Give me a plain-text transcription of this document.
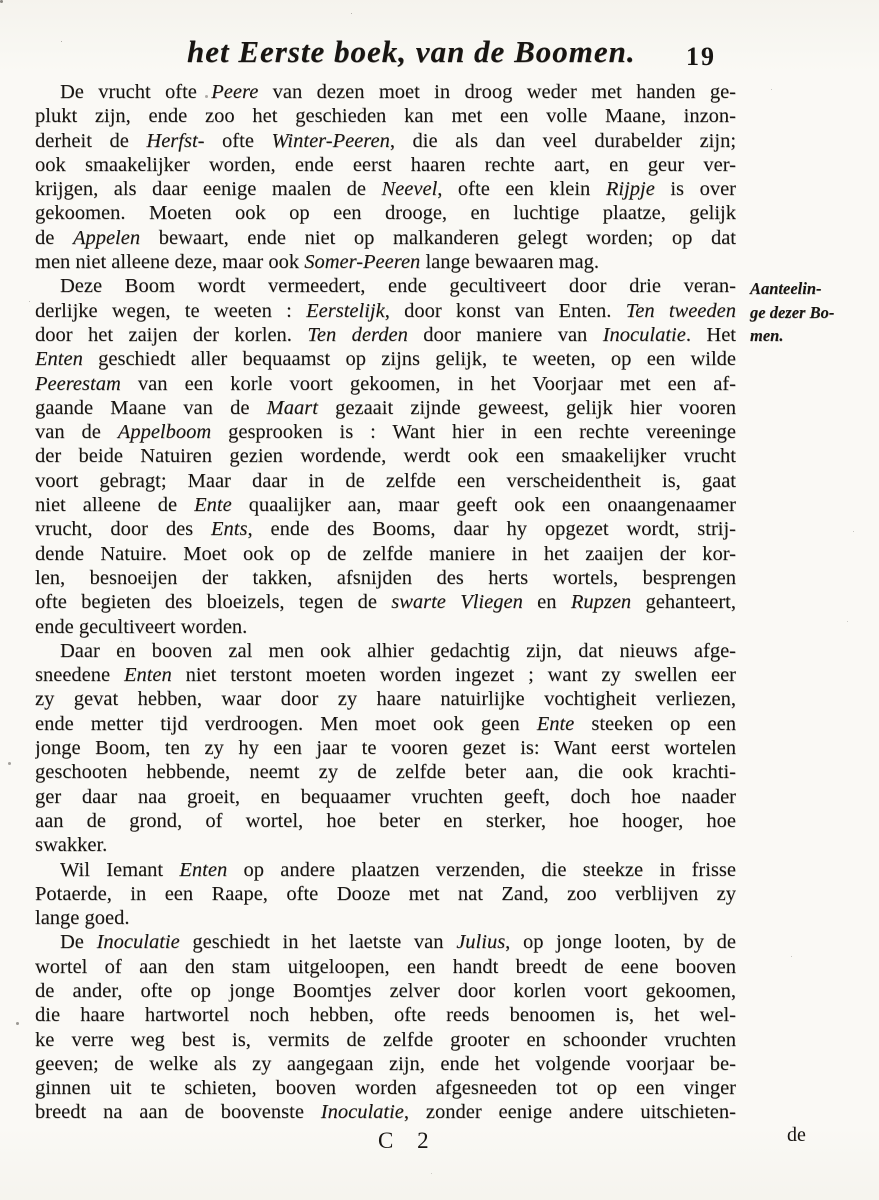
het Eerste boek, van de Boomen. 19
De vrucht ofte Peere van dezen moet in droog weder met handen ge-
plukt zijn, ende zoo het geschieden kan met een volle Maane, inzon-
derheit de Herfst- ofte Winter-Peeren, die als dan veel durabelder zijn;
ook smaakelijker worden, ende eerst haaren rechte aart, en geur ver-
krijgen, als daar eenige maalen de Neevel, ofte een klein Rijpje is over
gekoomen. Moeten ook op een drooge, en luchtige plaatze, gelijk
de Appelen bewaart, ende niet op malkanderen gelegt worden; op dat
men niet alleene deze, maar ook Somer-Peeren lange bewaaren mag.
Deze Boom wordt vermeedert, ende gecultiveert door drie veran-
derlijke wegen, te weeten : Eerstelijk, door konst van Enten. Ten tweeden
door het zaijen der korlen. Ten derden door maniere van Inoculatie. Het
Enten geschiedt aller bequaamst op zijns gelijk, te weeten, op een wilde
Peerestam van een korle voort gekoomen, in het Voorjaar met een af-
gaande Maane van de Maart gezaait zijnde geweest, gelijk hier vooren
van de Appelboom gesprooken is : Want hier in een rechte vereeninge
der beide Natuiren gezien wordende, werdt ook een smaakelijker vrucht
voort gebragt; Maar daar in de zelfde een verscheidentheit is, gaat
niet alleene de Ente quaalijker aan, maar geeft ook een onaangenaamer
vrucht, door des Ents, ende des Booms, daar hy opgezet wordt, strij-
dende Natuire. Moet ook op de zelfde maniere in het zaaijen der kor-
len, besnoeijen der takken, afsnijden des herts wortels, besprengen
ofte begieten des bloeizels, tegen de swarte Vliegen en Rupzen gehanteert,
ende gecultiveert worden.
Daar en booven zal men ook alhier gedachtig zijn, dat nieuws afge-
sneedene Enten niet terstont moeten worden ingezet ; want zy swellen eer
zy gevat hebben, waar door zy haare natuirlijke vochtigheit verliezen,
ende metter tijd verdroogen. Men moet ook geen Ente steeken op een
jonge Boom, ten zy hy een jaar te vooren gezet is: Want eerst wortelen
geschooten hebbende, neemt zy de zelfde beter aan, die ook krachti-
ger daar naa groeit, en bequaamer vruchten geeft, doch hoe naader
aan de grond, of wortel, hoe beter en sterker, hoe hooger, hoe
swakker.
Wil Iemant Enten op andere plaatzen verzenden, die steekze in frisse
Potaerde, in een Raape, ofte Dooze met nat Zand, zoo verblijven zy
lange goed.
De Inoculatie geschiedt in het laetste van Julius, op jonge looten, by de
wortel of aan den stam uitgeloopen, een handt breedt de eene booven
de ander, ofte op jonge Boomtjes zelver door korlen voort gekoomen,
die haare hartwortel noch hebben, ofte reeds benoomen is, het wel-
ke verre weg best is, vermits de zelfde grooter en schoonder vruchten
geeven; de welke als zy aangegaan zijn, ende het volgende voorjaar be-
ginnen uit te schieten, booven worden afgesneeden tot op een vinger
breedt na aan de boovenste Inoculatie, zonder eenige andere uitschieten-
Aanteelin-
ge dezer Bo-
men.
C 2	de
